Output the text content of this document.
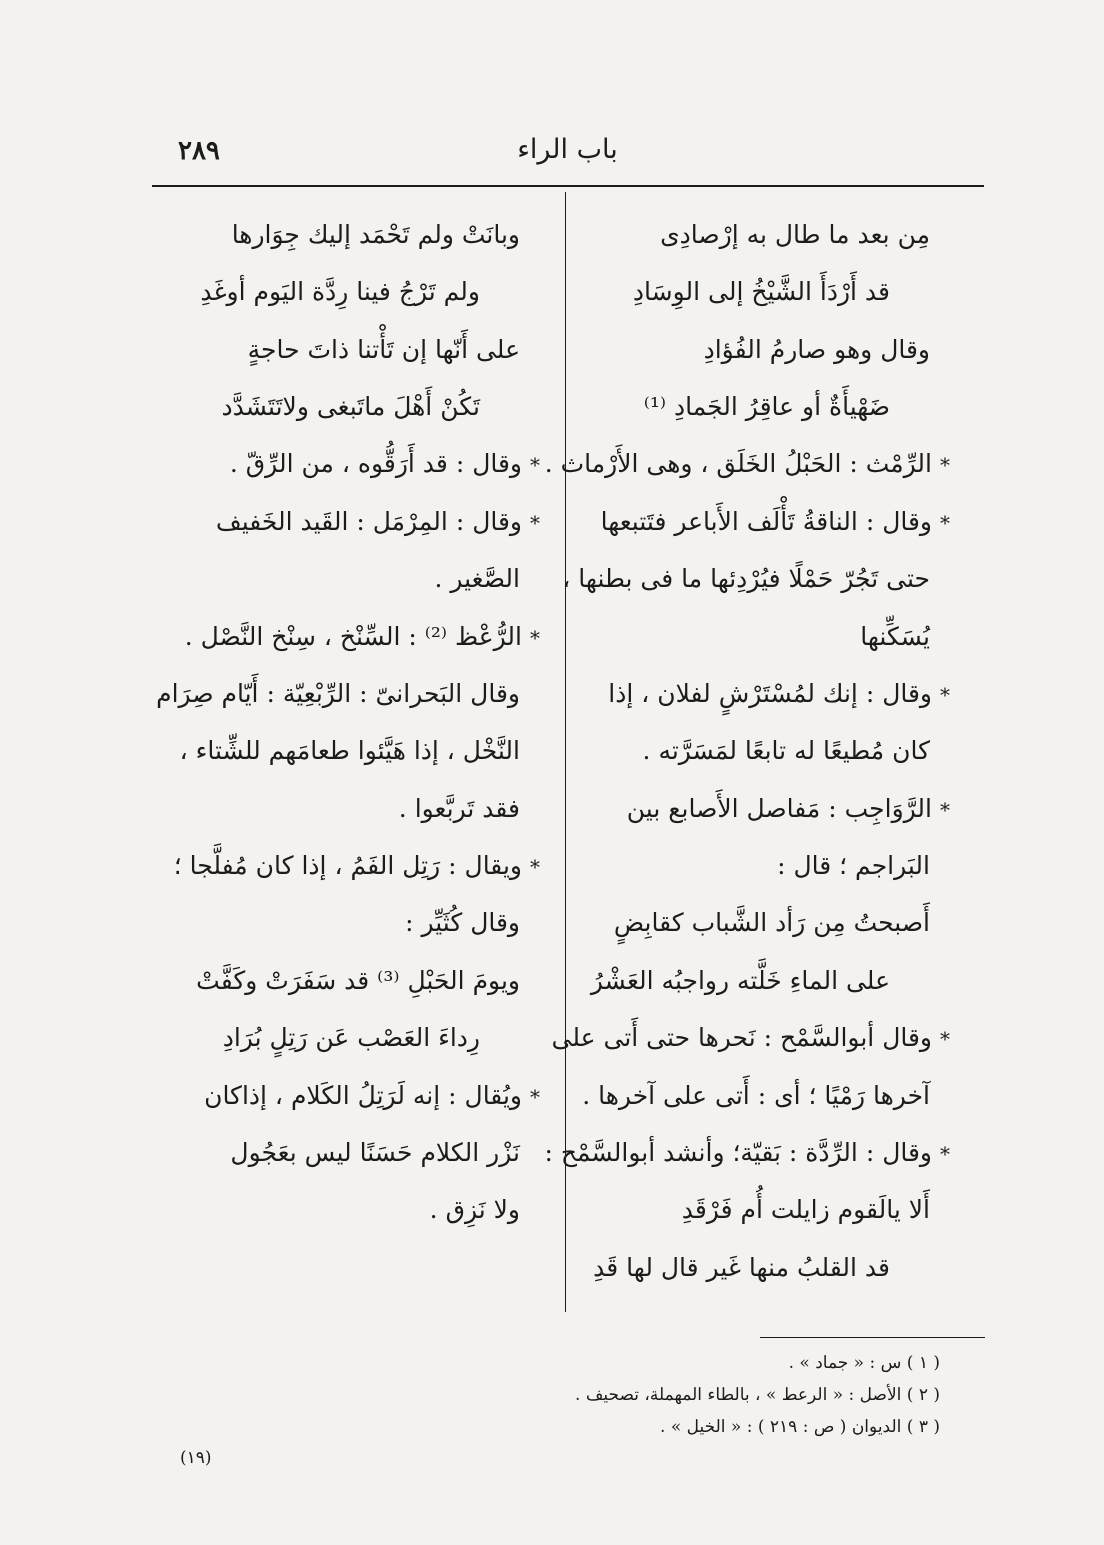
٢٨٩	باب الراء
مِن بعد ما طال به إرْصادِى
قد أَرْدَأَ الشَّيْخُ إلى الوِسَادِ
وقال وهو صارمُ الفُؤادِ
ضَهْيأَةٌ أو عاقِرُ الجَمادِ ⁽¹⁾
*الرِّمْث : الحَبْلُ الخَلَق ، وهى الأَرْماث .
*وقال : الناقةُ تَأْلَف الأَباعر فتَتبعها
حتى تَجُرّ حَمْلًا فيُرْدِئها ما فى بطنها ،
يُسَكِّنها
*وقال : إنك لمُسْتَرْشٍ لفلان ، إذا
كان مُطيعًا له تابعًا لمَسَرَّته .
*الرَّوَاجِب : مَفاصل الأَصابع بين
البَراجم ؛ قال :
أَصبحتُ مِن رَأد الشَّباب كقابِضٍ
على الماءِ خَلَّته رواجبُه العَشْرُ
*وقال أبوالسَّمْح : نَحرها حتى أَتى على
آخرها رَمْيًا ؛ أى : أَتى على آخرها .
*وقال : الرِّدَّة : بَقيّة؛ وأنشد أبوالسَّمْح :
أَلا يالَقوم زايلت أُم فَرْقَدِ
قد القلبُ منها غَير قال لها قَدِ
وبانَتْ ولم تَحْمَد إليك جِوَارها
ولم تَرْجُ فينا رِدَّة اليَوم أوغَدِ
على أَنّها إن تَأْتنا ذاتَ حاجةٍ
تَكُنْ أَهْلَ ماتَبغى ولاتَتَشَدَّد
*وقال : قد أَرَقُّوه ، من الرِّقّ .
*وقال : المِرْمَل : القَيد الخَفيف
الصَّغير .
*الرُّعْظ ⁽²⁾ : السِّنْخ ، سِنْخ النَّصْل .
وقال البَحرانىّ : الرِّبْعِيّة : أَيّام صِرَام
النَّخْل ، إذا هَيَّئوا طعامَهم للشِّتاء ،
فقد تَربَّعوا .
*ويقال : رَتِل الفَمُ ، إذا كان مُفلَّجا ؛
وقال كُثَيِّر :
ويومَ الحَبْلِ ⁽³⁾ قد سَفَرَتْ وكَفَّتْ
رِداءَ العَصْب عَن رَتِلٍ بُرَادِ
*ويُقال : إنه لَرَتِلُ الكَلام ، إذاكان
نَزْر الكلام حَسَنًا ليس بعَجُول
ولا نَزِق .
( ١ ) س : « جماد » .
( ٢ ) الأصل : « الرعط » ، بالطاء المهملة، تصحيف .
( ٣ ) الديوان ( ص : ٢١٩ ) : « الخيل » .
(١٩)
